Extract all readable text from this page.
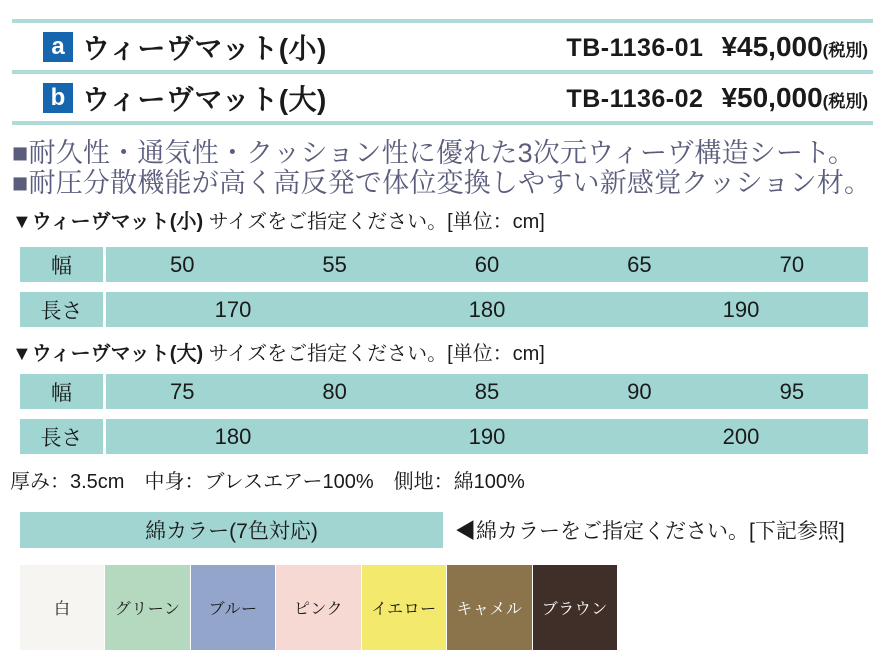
a ウィーヴマット(小)	TB-1136-01 ¥45,000 (税別)
b ウィーヴマット(大)	TB-1136-02 ¥50,000 (税別)
■耐久性・通気性・クッション性に優れた3次元ウィーヴ構造シート。
■耐圧分散機能が高く高反発で体位変換しやすい新感覚クッション材。
▼ウィーヴマット(小) サイズをご指定ください。[単位：cm]
幅	50	55	60	65	70
長さ	170	180	190
▼ウィーヴマット(大) サイズをご指定ください。[単位：cm]
幅	75	80	85	90	95
長さ	180	190	200
厚み：3.5cm　中身：ブレスエアー100%　側地：綿100%
綿カラー(7色対応)	◀綿カラーをご指定ください。[下記参照]
白	グリーン ブルー ピンク イエロー キャメル ブラウン
